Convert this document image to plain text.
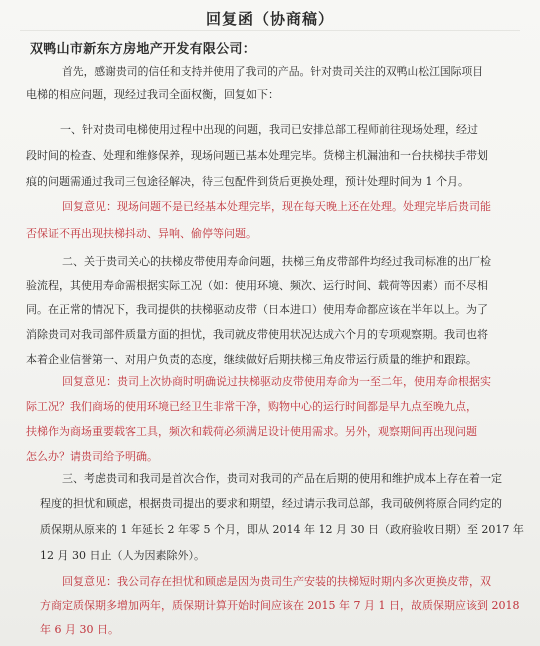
回复函（协商稿）
双鸭山市新东方房地产开发有限公司：
首先，感谢贵司的信任和支持并使用了我司的产品。针对贵司关注的双鸭山松江国际项目
电梯的相应问题，现经过我司全面权衡，回复如下：
一、针对贵司电梯使用过程中出现的问题，我司已安排总部工程师前往现场处理，经过
段时间的检查、处理和维修保养，现场问题已基本处理完毕。货梯主机漏油和一台扶梯扶手带划
痕的问题需通过我司三包途径解决，待三包配件到货后更换处理，预计处理时间为 1 个月。
回复意见：现场问题不是已经基本处理完毕，现在每天晚上还在处理。处理完毕后贵司能
否保证不再出现扶梯抖动、异响、偷停等问题。
二、关于贵司关心的扶梯皮带使用寿命问题，扶梯三角皮带部件均经过我司标准的出厂检
验流程，其使用寿命需根据实际工况（如：使用环境、频次、运行时间、载荷等因素）而不尽相
同。在正常的情况下，我司提供的扶梯驱动皮带（日本进口）使用寿命都应该在半年以上。为了
消除贵司对我司部件质量方面的担忧，我司就皮带使用状况达成六个月的专项观察期。我司也将
本着企业信誉第一、对用户负责的态度，继续做好后期扶梯三角皮带运行质量的维护和跟踪。
回复意见：贵司上次协商时明确说过扶梯驱动皮带使用寿命为一至二年，使用寿命根据实
际工况？我们商场的使用环境已经卫生非常干净，购物中心的运行时间都是早九点至晚九点，
扶梯作为商场重要载客工具，频次和载荷必须满足设计使用需求。另外，观察期间再出现问题
怎么办？请贵司给予明确。
三、考虑贵司和我司是首次合作，贵司对我司的产品在后期的使用和维护成本上存在着一定
程度的担忧和顾虑，根据贵司提出的要求和期望，经过请示我司总部，我司破例将原合同约定的
质保期从原来的 1 年延长 2 年零 5 个月，即从 2014 年 12 月 30 日（政府验收日期）至 2017 年
12 月 30 日止（人为因素除外）。
回复意见：我公司存在担忧和顾虑是因为贵司生产安装的扶梯短时期内多次更换皮带，双
方商定质保期多增加两年，质保期计算开始时间应该在 2015 年 7 月 1 日，故质保期应该到 2018
年 6 月 30 日。
